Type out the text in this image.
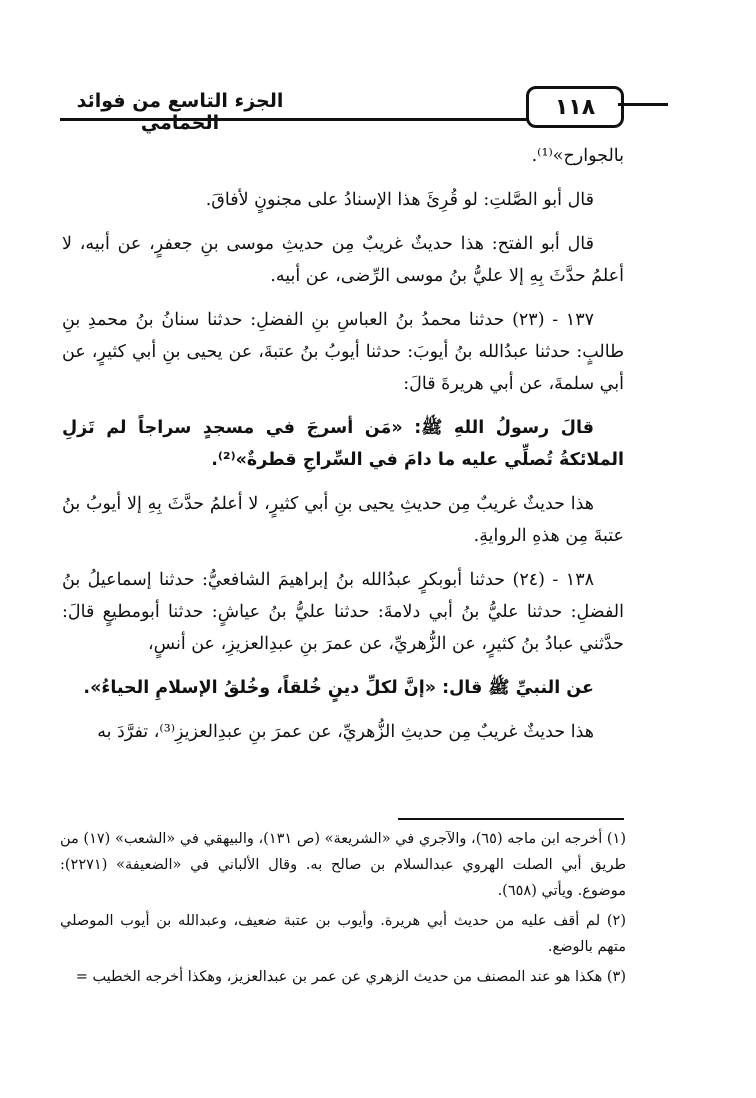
الجزء التاسع من فوائد الحمامي
١١٨

بالجوارح»⁽¹⁾.

قال أبو الصَّلتِ: لو قُرِئَ هذا الإسنادُ على مجنونٍ لأفاقَ.

قال أبو الفتح: هذا حديثٌ غريبٌ مِن حديثِ موسى بنِ جعفرٍ، عن أبيه، لا أعلمُ حدَّثَ بِهِ إلا عليُّ بنُ موسى الرِّضى، عن أبيه.

١٣٧ - (٢٣) حدثنا محمدُ بنُ العباسِ بنِ الفضلِ: حدثنا سنانُ بنُ محمدِ بنِ طالبٍ: حدثنا عبدُالله بنُ أيوبَ: حدثنا أيوبُ بنُ عتبةَ، عن يحيى بنِ أبي كثيرٍ، عن أبي سلمةَ، عن أبي هريرةَ قالَ:

قالَ رسولُ اللهِ ﷺ: «مَن أسرجَ في مسجدٍ سراجاً لم تَزلِ الملائكةُ تُصلِّي عليه ما دامَ في السِّراجِ قطرةٌ»⁽²⁾.

هذا حديثٌ غريبٌ مِن حديثِ يحيى بنِ أبي كثيرٍ، لا أعلمُ حدَّثَ بِهِ إلا أيوبُ بنُ عتبةَ مِن هذهِ الروايةِ.

١٣٨ - (٢٤) حدثنا أبوبكرٍ عبدُالله بنُ إبراهيمَ الشافعيُّ: حدثنا إسماعيلُ بنُ الفضلِ: حدثنا عليُّ بنُ أبي دلامةَ: حدثنا عليُّ بنُ عياشٍ: حدثنا أبومطيعٍ قالَ: حدَّثني عبادُ بنُ كثيرٍ، عن الزُّهريِّ، عن عمرَ بنِ عبدِالعزيزِ، عن أنسٍ،

عن النبيِّ ﷺ قال: «إنَّ لكلِّ دينٍ خُلقاً، وخُلقُ الإسلامِ الحياءُ».

هذا حديثٌ غريبٌ مِن حديثِ الزُّهريِّ، عن عمرَ بنِ عبدِالعزيزِ⁽³⁾، تفرَّدَ به

(١) أخرجه ابن ماجه (٦٥)، والآجري في «الشريعة» (ص ١٣١)، والبيهقي في «الشعب» (١٧) من طريق أبي الصلت الهروي عبدالسلام بن صالح به. وقال الألباني في «الضعيفة» (٢٢٧١): موضوع. ويأتي (٦٥٨).

(٢) لم أقف عليه من حديث أبي هريرة. وأيوب بن عتبة ضعيف، وعبدالله بن أيوب الموصلي متهم بالوضع.

(٣) هكذا هو عند المصنف من حديث الزهري عن عمر بن عبدالعزيز، وهكذا أخرجه الخطيب =
